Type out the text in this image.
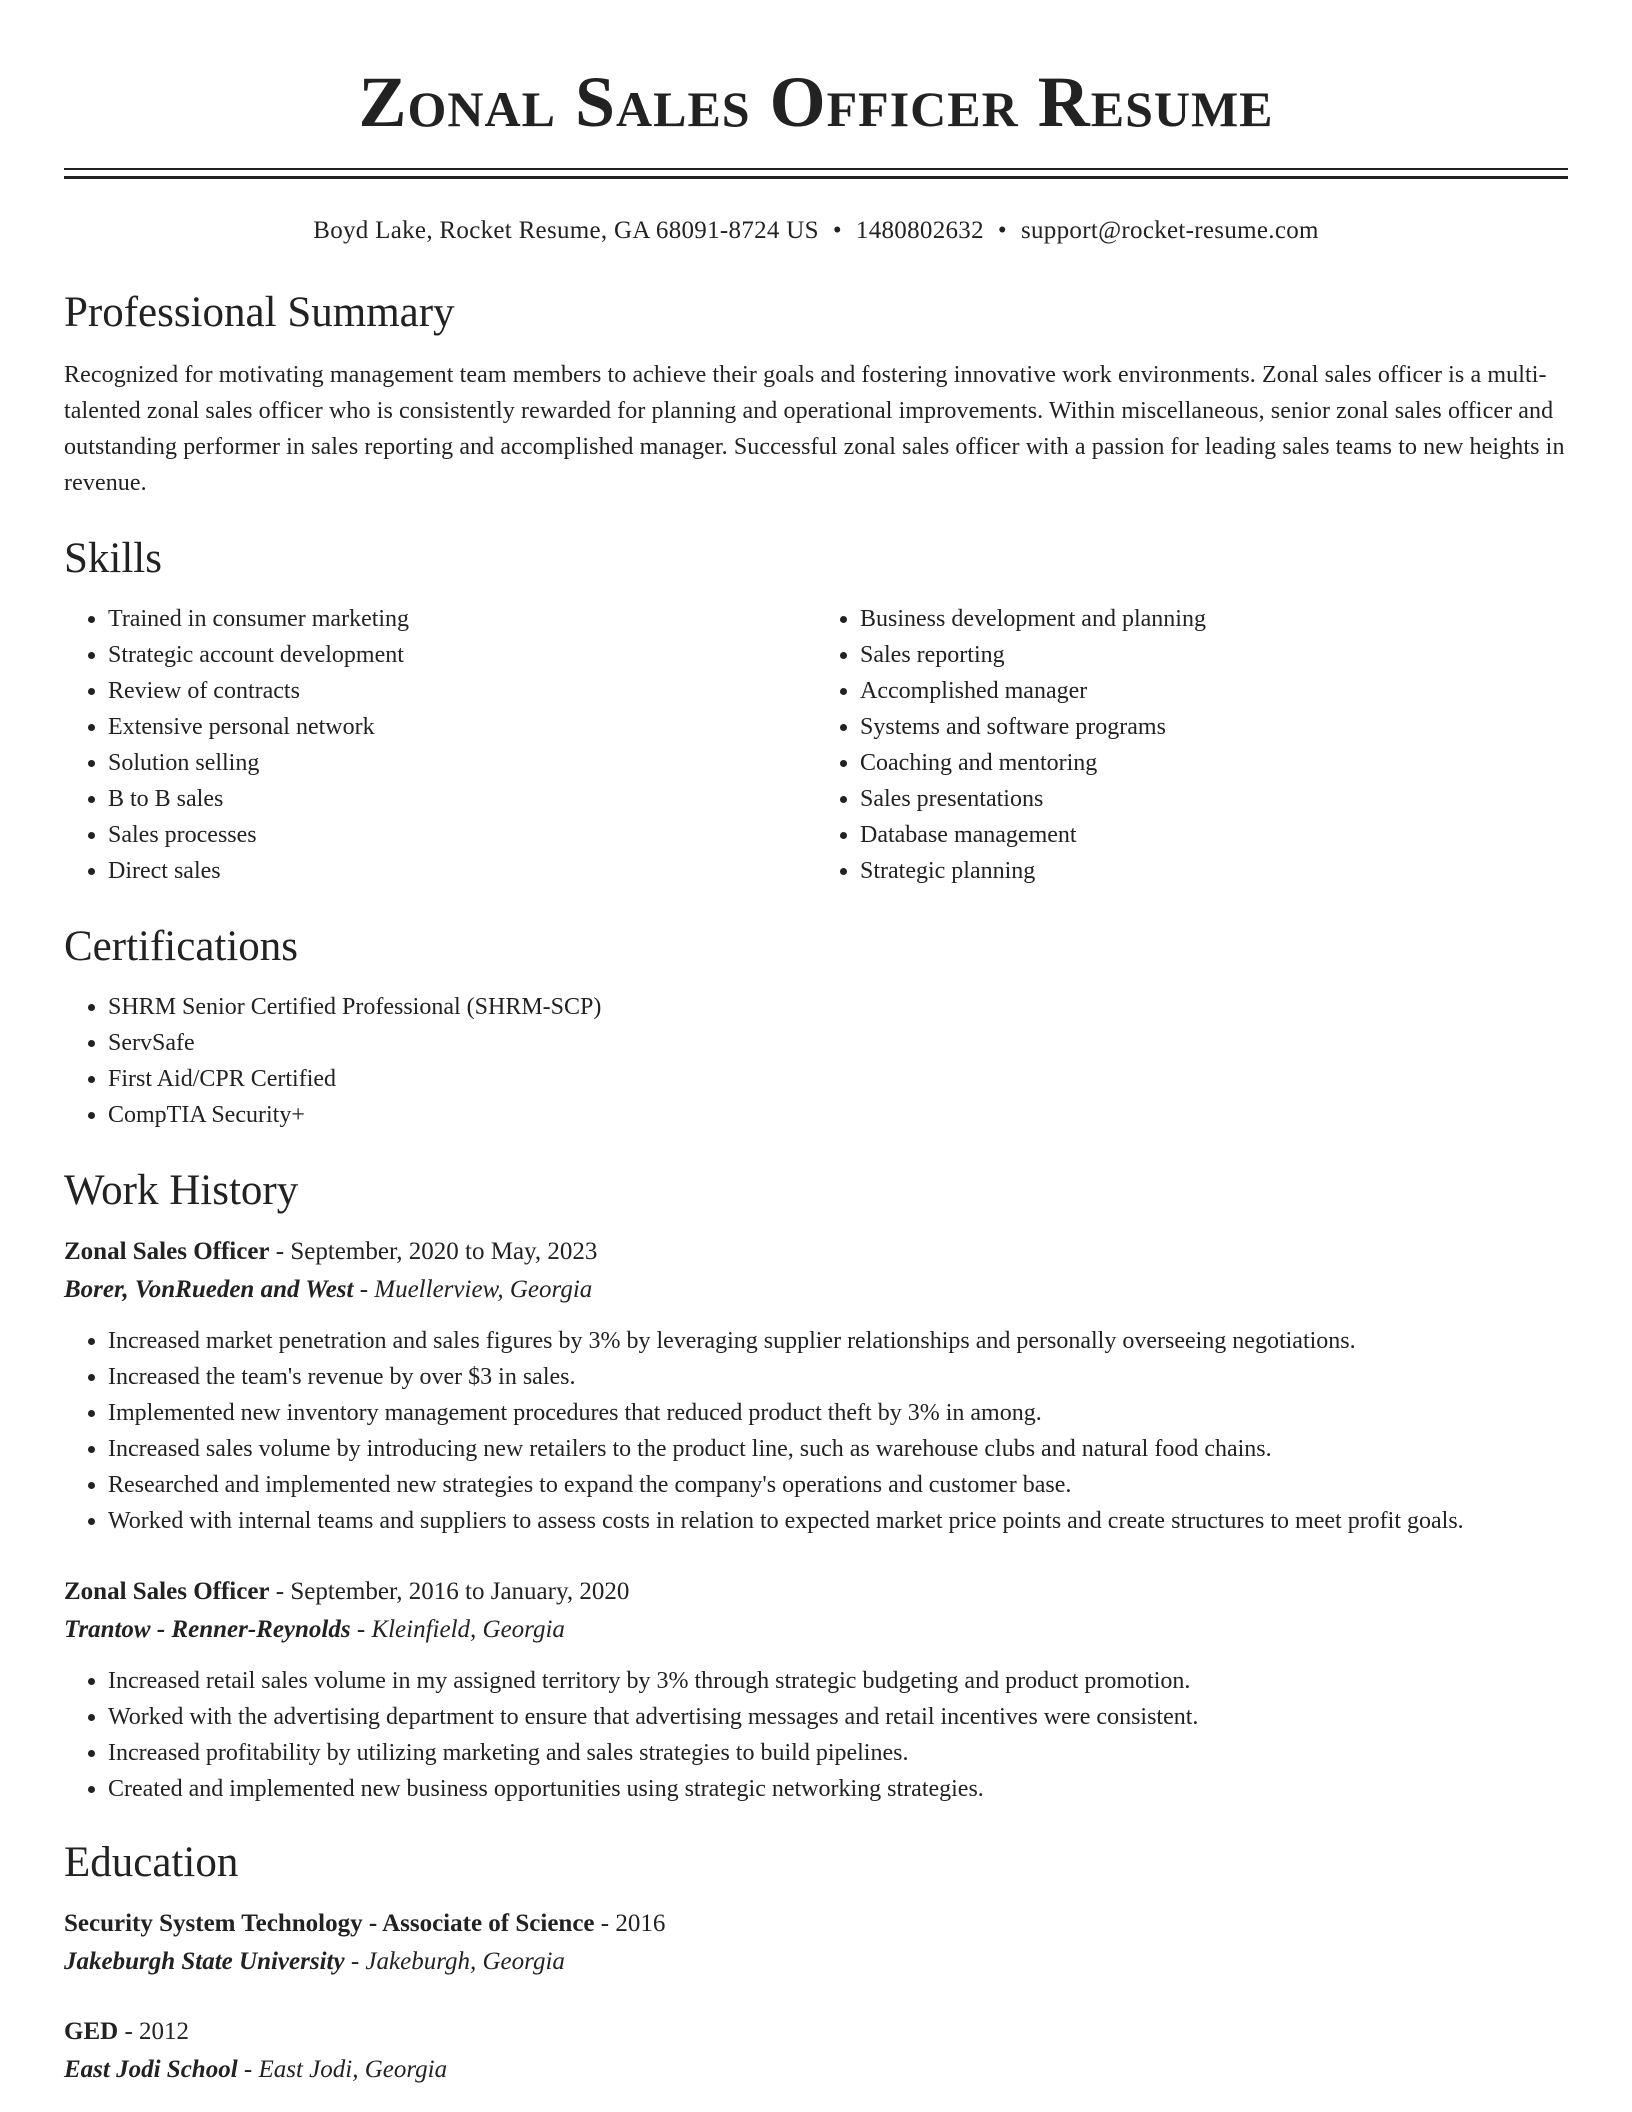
Zonal Sales Officer Resume
Boyd Lake, Rocket Resume, GA 68091-8724 US • 1480802632 • support@rocket-resume.com
Professional Summary

Recognized for motivating management team members to achieve their goals and fostering innovative work environments. Zonal sales officer is a multi-talented zonal sales officer who is consistently rewarded for planning and operational improvements. Within miscellaneous, senior zonal sales officer and outstanding performer in sales reporting and accomplished manager. Successful zonal sales officer with a passion for leading sales teams to new heights in revenue.

Skills
• Trained in consumer marketing
• Strategic account development
• Review of contracts
• Extensive personal network
• Solution selling
• B to B sales
• Sales processes
• Direct sales
• Business development and planning
• Sales reporting
• Accomplished manager
• Systems and software programs
• Coaching and mentoring
• Sales presentations
• Database management
• Strategic planning
Certifications
• SHRM Senior Certified Professional (SHRM-SCP)
• ServSafe
• First Aid/CPR Certified
• CompTIA Security+
Work History
Zonal Sales Officer - September, 2020 to May, 2023
Borer, VonRueden and West - Muellerview, Georgia
• Increased market penetration and sales figures by 3% by leveraging supplier relationships and personally overseeing negotiations.
• Increased the team's revenue by over $3 in sales.
• Implemented new inventory management procedures that reduced product theft by 3% in among.
• Increased sales volume by introducing new retailers to the product line, such as warehouse clubs and natural food chains.
• Researched and implemented new strategies to expand the company's operations and customer base.
• Worked with internal teams and suppliers to assess costs in relation to expected market price points and create structures to meet profit goals.
Zonal Sales Officer - September, 2016 to January, 2020
Trantow - Renner-Reynolds - Kleinfield, Georgia
• Increased retail sales volume in my assigned territory by 3% through strategic budgeting and product promotion.
• Worked with the advertising department to ensure that advertising messages and retail incentives were consistent.
• Increased profitability by utilizing marketing and sales strategies to build pipelines.
• Created and implemented new business opportunities using strategic networking strategies.
Education
Security System Technology - Associate of Science - 2016
Jakeburgh State University - Jakeburgh, Georgia
GED - 2012
East Jodi School - East Jodi, Georgia
